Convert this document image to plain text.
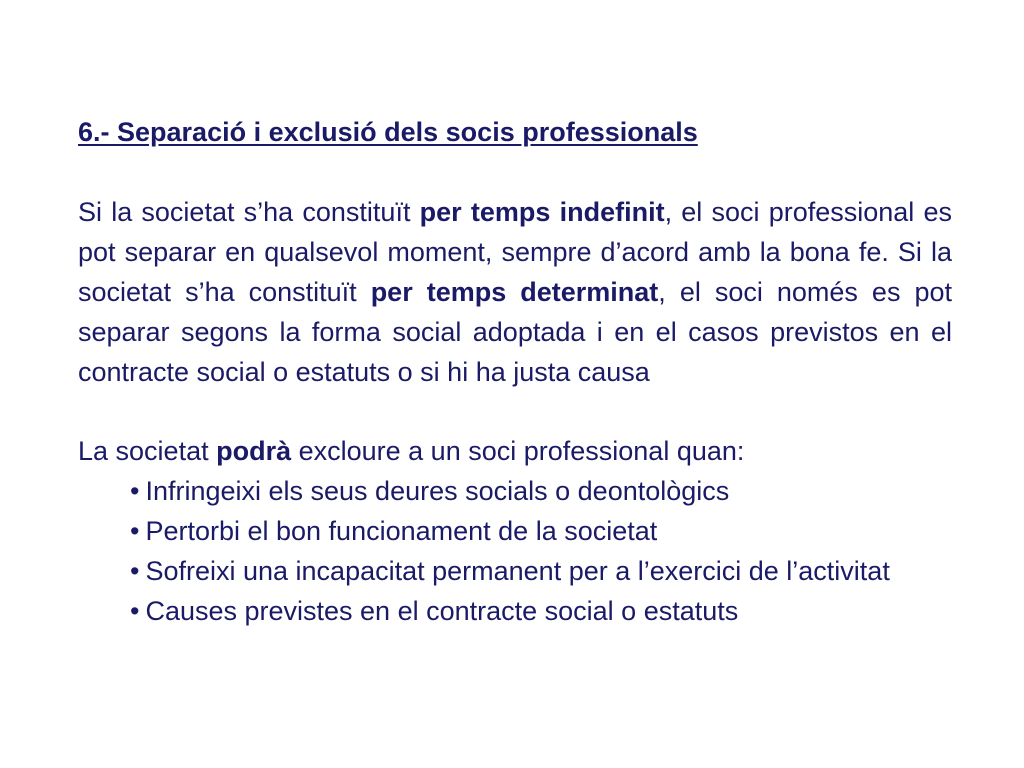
6.- Separació i exclusió dels socis professionals

Si la societat s’ha constituït per temps indefinit, el soci professional es pot separar en qualsevol moment, sempre d’acord amb la bona fe. Si la societat s’ha constituït per temps determinat, el soci només es pot separar segons la forma social adoptada i en el casos previstos en el contracte social o estatuts o si hi ha justa causa

La societat podrà excloure a un soci professional quan:

• Infringeixi els seus deures socials o deontològics
• Pertorbi el bon funcionament de la societat
• Sofreixi una incapacitat permanent per a l’exercici de l’activitat
• Causes previstes en el contracte social o estatuts
